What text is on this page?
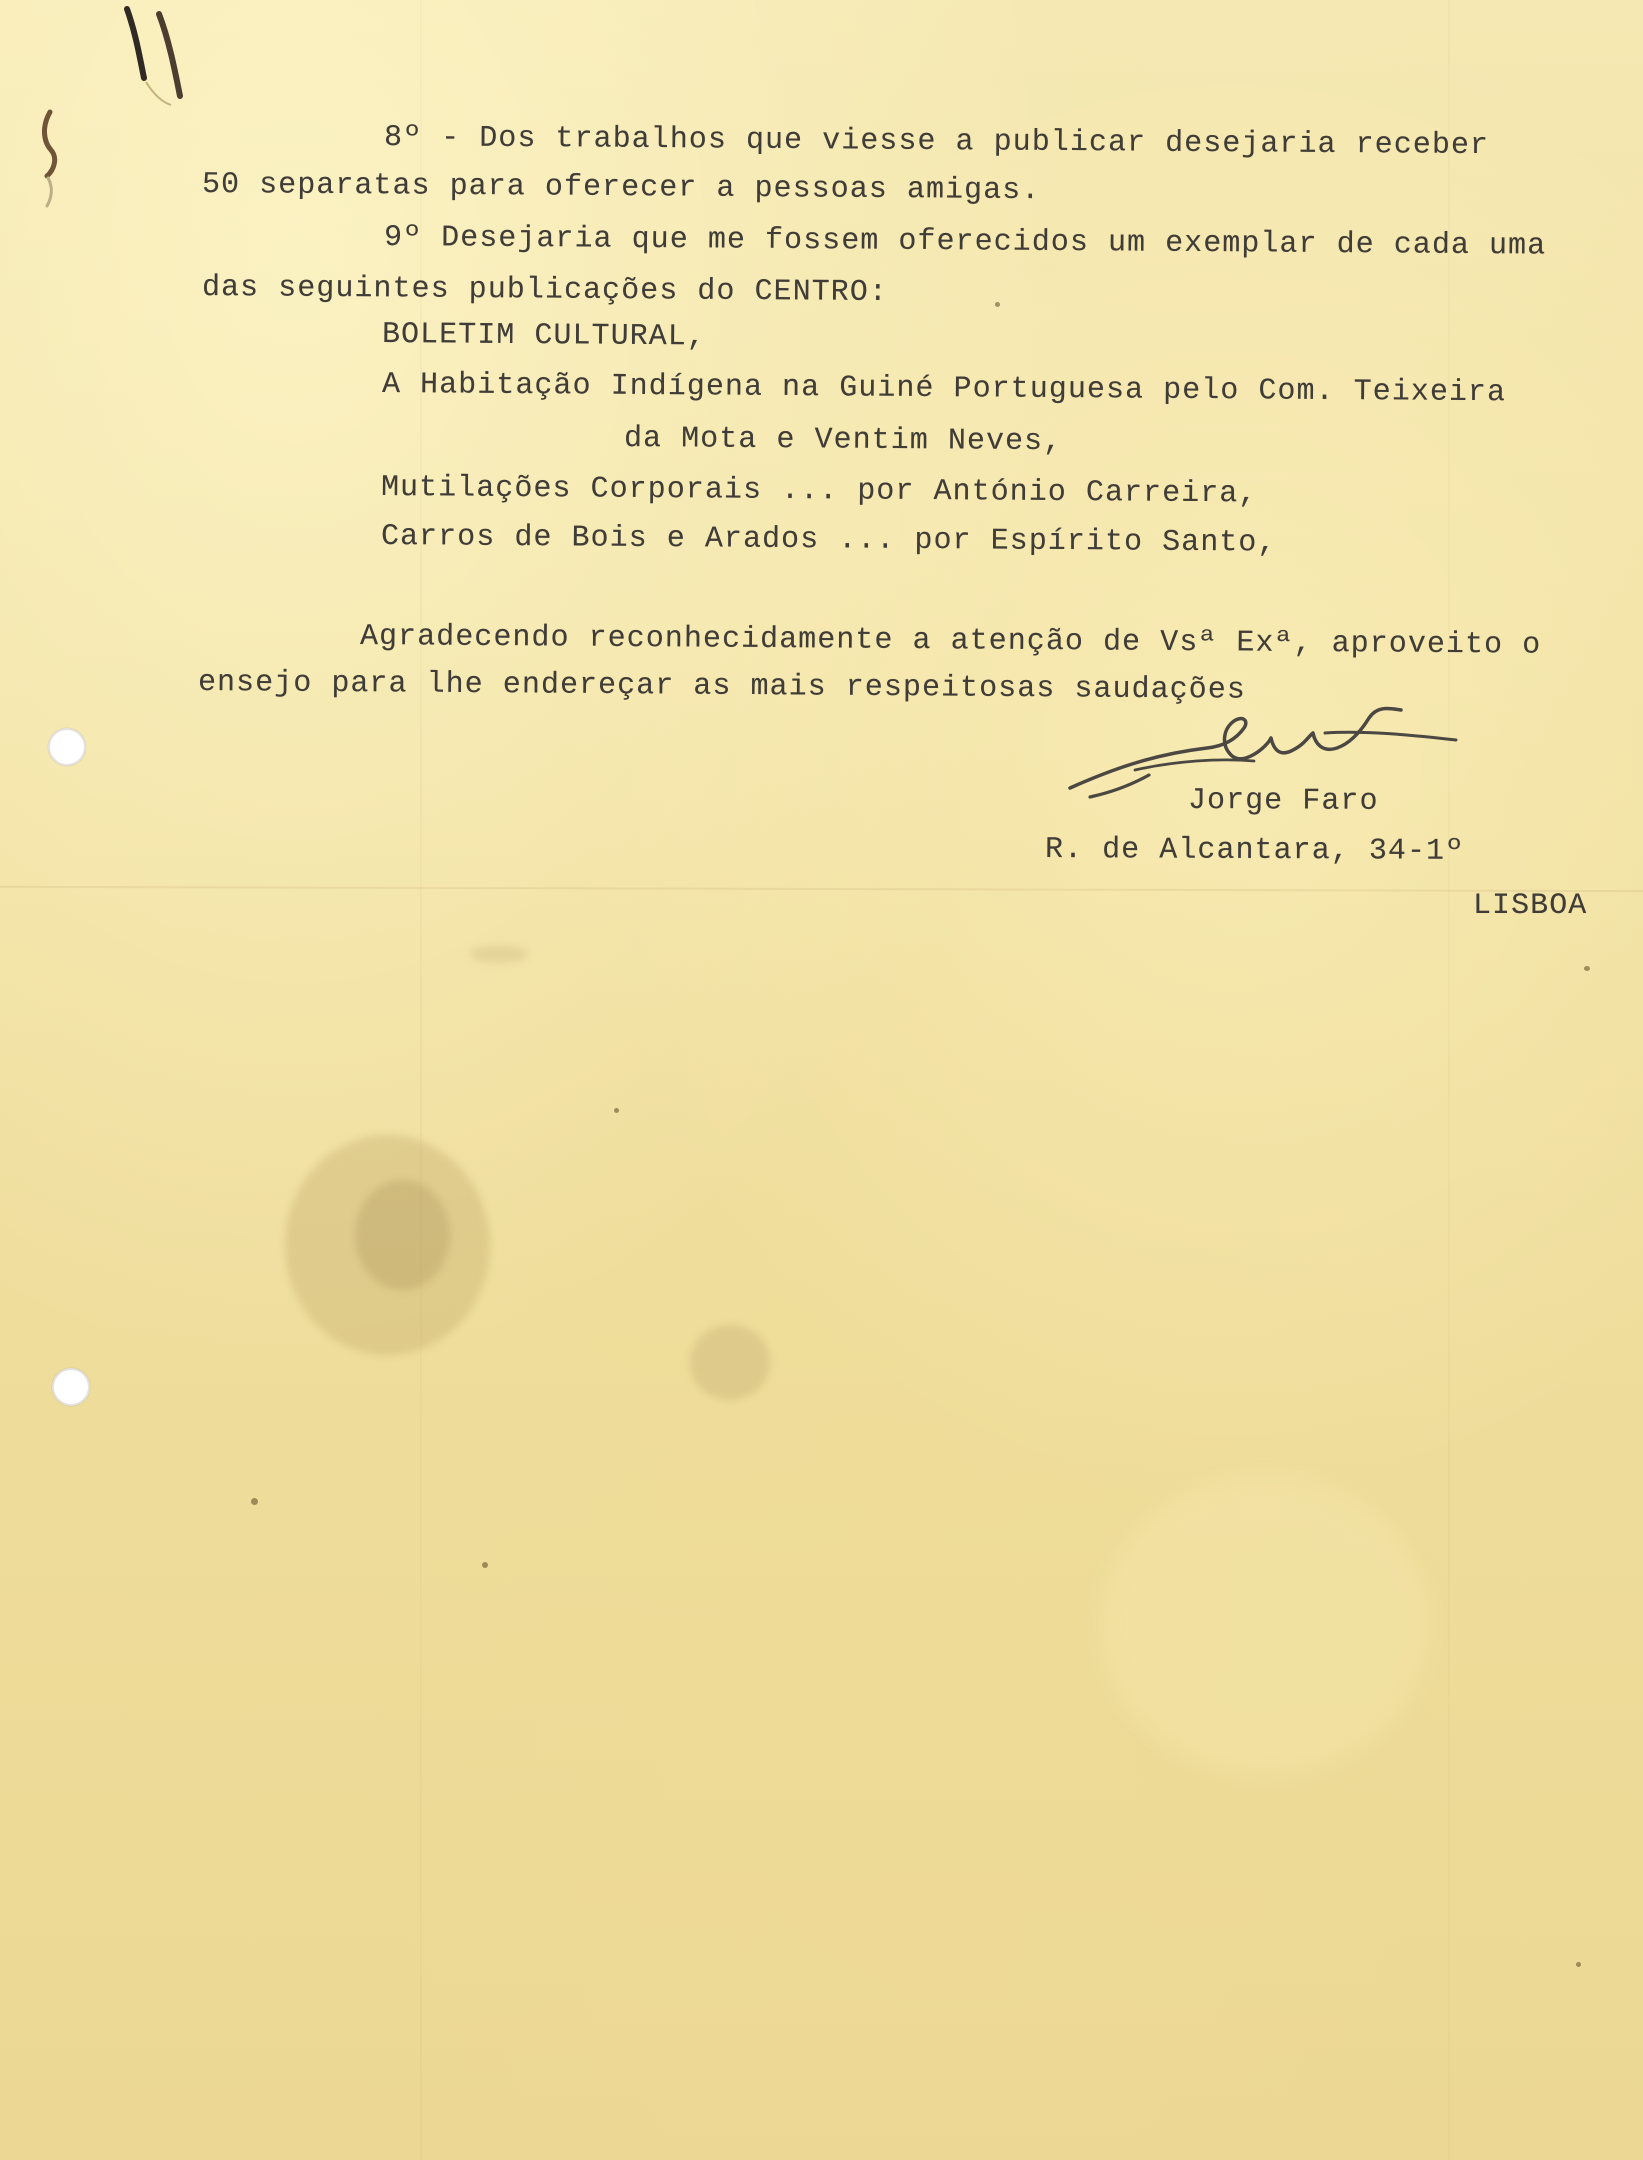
8º - Dos trabalhos que viesse a publicar desejaria receber

50 separatas para oferecer a pessoas amigas.

9º Desejaria que me fossem oferecidos um exemplar de cada uma

das seguintes publicações do CENTRO:

BOLETIM CULTURAL,

A Habitação Indígena na Guiné Portuguesa pelo Com. Teixeira

da Mota e Ventim Neves,

Mutilações Corporais ... por António Carreira,

Carros de Bois e Arados ... por Espírito Santo,

Agradecendo reconhecidamente a atenção de Vsª Exª, aproveito o

ensejo para lhe endereçar as mais respeitosas saudações

Jorge Faro

R. de Alcantara, 34-1º

LISBOA
